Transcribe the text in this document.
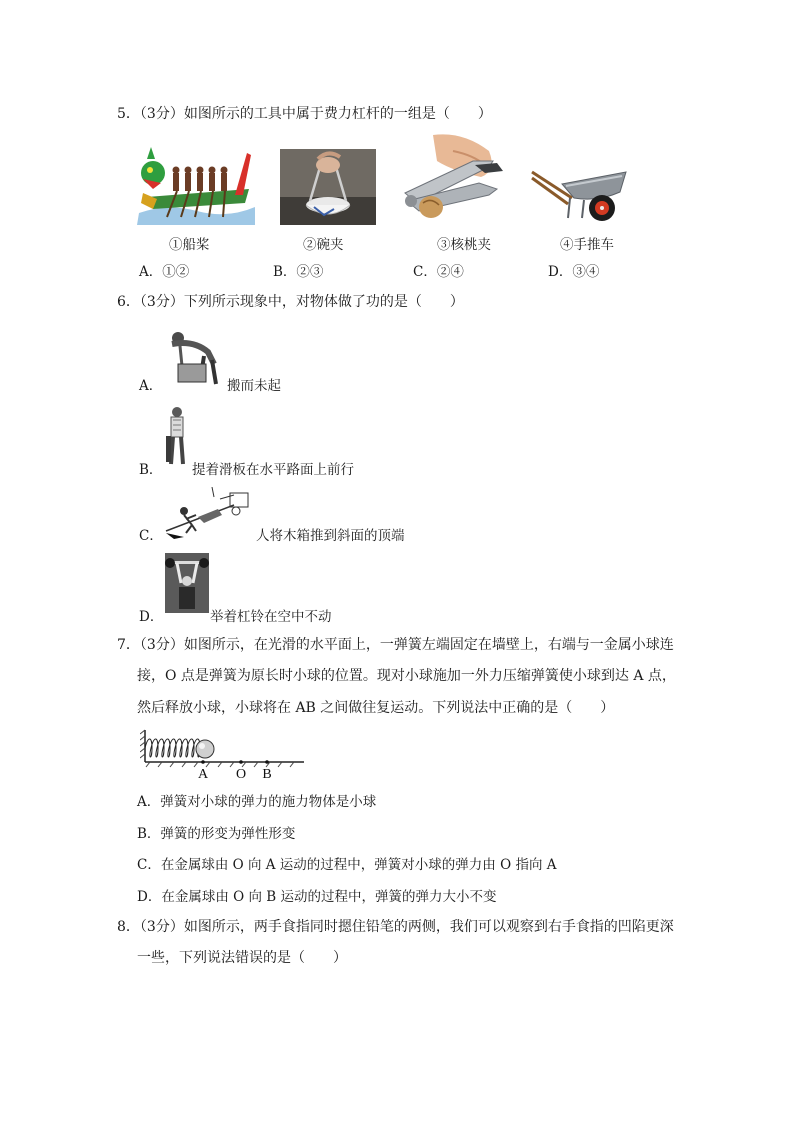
5．（3分）如图所示的工具中属于费力杠杆的一组是（　　）
①船桨	②碗夹	③核桃夹	④手推车
A．①②	B．②③	C．②④	D．③④
6．（3分）下列所示现象中，对物体做了功的是（　　）
A．	搬而未起
B． 提着滑板在水平路面上前行
C．	人将木箱推到斜面的顶端
D．	举着杠铃在空中不动
7．（3分）如图所示，在光滑的水平面上，一弹簧左端固定在墙壁上，右端与一金属小球连
接，O 点是弹簧为原长时小球的位置。现对小球施加一外力压缩弹簧使小球到达 A 点，
然后释放小球，小球将在 AB 之间做往复运动。下列说法中正确的是（　　）
A O B
A．弹簧对小球的弹力的施力物体是小球
B．弹簧的形变为弹性形变
C．在金属球由 O 向 A 运动的过程中，弹簧对小球的弹力由 O 指向 A
D．在金属球由 O 向 B 运动的过程中，弹簧的弹力大小不变
8．（3分）如图所示，两手食指同时摁住铅笔的两侧，我们可以观察到右手食指的凹陷更深
一些，下列说法错误的是（　　）
